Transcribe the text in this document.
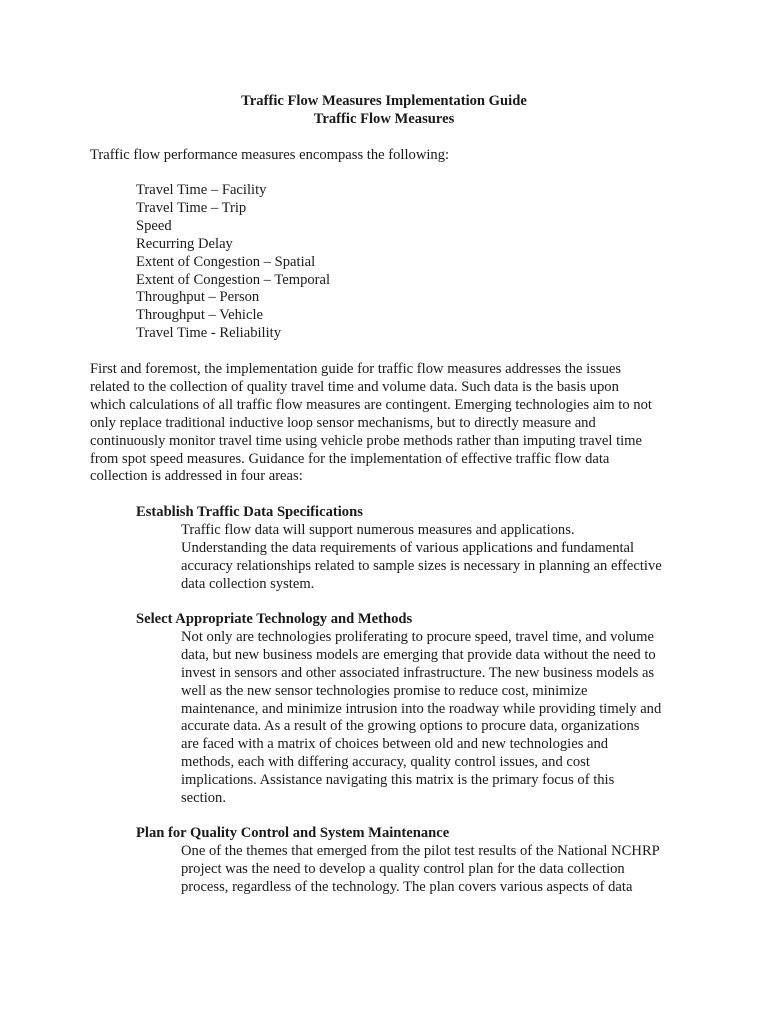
Traffic Flow Measures Implementation Guide
Traffic Flow Measures
Traffic flow performance measures encompass the following:
Travel Time – Facility
Travel Time – Trip
Speed
Recurring Delay
Extent of Congestion – Spatial
Extent of Congestion – Temporal
Throughput – Person
Throughput – Vehicle
Travel Time - Reliability
First and foremost, the implementation guide for traffic flow measures addresses the issues
related to the collection of quality travel time and volume data. Such data is the basis upon
which calculations of all traffic flow measures are contingent. Emerging technologies aim to not
only replace traditional inductive loop sensor mechanisms, but to directly measure and
continuously monitor travel time using vehicle probe methods rather than imputing travel time
from spot speed measures. Guidance for the implementation of effective traffic flow data
collection is addressed in four areas:
Establish Traffic Data Specifications
Traffic flow data will support numerous measures and applications.
Understanding the data requirements of various applications and fundamental
accuracy relationships related to sample sizes is necessary in planning an effective
data collection system.
Select Appropriate Technology and Methods
Not only are technologies proliferating to procure speed, travel time, and volume
data, but new business models are emerging that provide data without the need to
invest in sensors and other associated infrastructure. The new business models as
well as the new sensor technologies promise to reduce cost, minimize
maintenance, and minimize intrusion into the roadway while providing timely and
accurate data. As a result of the growing options to procure data, organizations
are faced with a matrix of choices between old and new technologies and
methods, each with differing accuracy, quality control issues, and cost
implications. Assistance navigating this matrix is the primary focus of this
section.
Plan for Quality Control and System Maintenance
One of the themes that emerged from the pilot test results of the National NCHRP
project was the need to develop a quality control plan for the data collection
process, regardless of the technology. The plan covers various aspects of data
